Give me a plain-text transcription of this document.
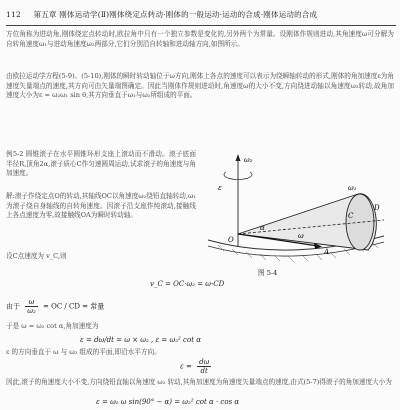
112 第五章 刚体运动学(Ⅱ)刚体绕定点转动·刚体的一般运动·运动的合成·刚体运动的合成
方位角称为进动角,刚体绕定点转动时,欧拉角中只有一个独立参数是变化的,另外两个为常量。设刚体作规则进动,其角速度ω可分解为自转角速度ω₁与进动角速度ω₂两部分,它们分别沿自转轴和进动轴方向,如图所示。
由欧拉运动学方程(5-9)、(5-10),刚体的瞬时转动轴位于ω方向,刚体上各点的速度可以表示为绕瞬轴转动的形式,刚体的角加速度ε为角速度矢量端点的速度,其方向可由矢量端图确定。因此当刚体作规则进动时,角速度ω的大小不变,方向绕进动轴以角速度ω₂转动,故角加速度大小为ε = ω₂ω₁ sin θ,其方向垂直于ω₁与ω₂所组成的平面。
例5-2 圆锥滚子在水平圆锥环形支座上滚动而不滑动。滚子底面半径R,顶角2α,滚子质心C作匀速圆周运动,试求滚子的角速度与角加速度。
解:滚子作绕定点O的转动,其轴线OC以角速度ω₂绕铅直轴转动,ω₁为滚子绕自身轴线的自转角速度。因滚子沿支座作纯滚动,接触线上各点速度为零,故接触线OA为瞬时转动轴。
设C点速度为 v_C,则
O
A
C
D
ω
ω₁
ω₂
α
ε
图 5-4
v_C = OC·ω₂ = ω·CD
由于 $\frac{\omega}{\text{ω₂}}$ = OC / CD = 常量
于是 ω = ω₂ cot α,角加速度为
ε = dω/dt = ω × ω₂ , ε = ω₂² cot α
ε 的方向垂直于 ω 与 ω₂ 组成的平面,即沿水平方向。
$\varepsilon = \frac{d\omega}{dt}$
因此,滚子的角速度大小不变,方向绕铅直轴以角速度 ω₂ 转动,其角加速度为角速度矢量端点的速度,由式(5-7)得滚子的角加速度大小为
ε = ω₂ ω sin(90° − α) = ω₂² cot α · cos α
